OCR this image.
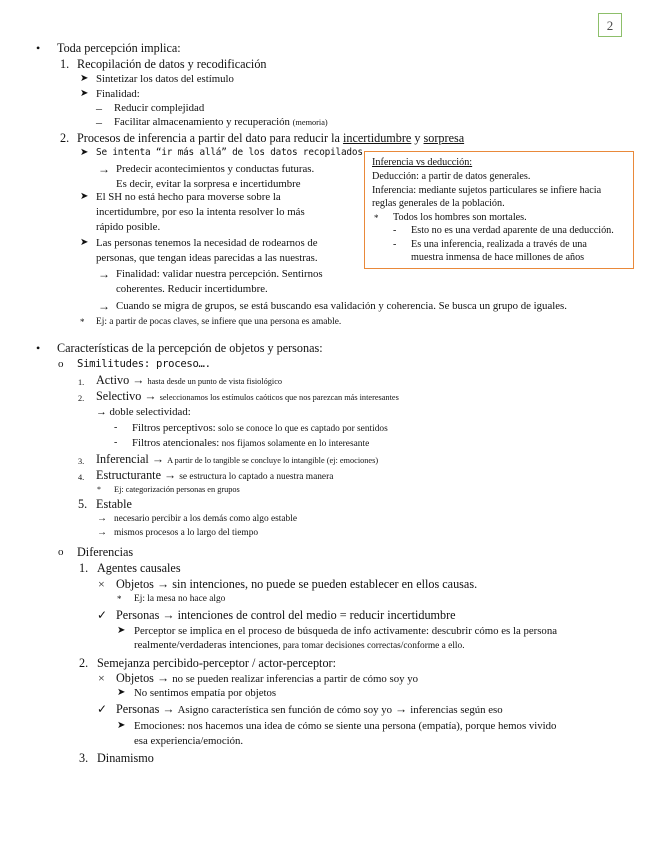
2
• Toda percepción implica:
1. Recopilación de datos y recodificación
➤ Sintetizar los datos del estímulo
➤ Finalidad:
– Reducir complejidad
– Facilitar almacenamiento y recuperación (memoria)
2. Procesos de inferencia a partir del dato para reducir la incertidumbre y sorpresa
➤ Se intenta “ir más allá” de los datos recopilados
→ Predecir acontecimientos y conductas futuras.
Es decir, evitar la sorpresa e incertidumbre
➤ El SH no está hecho para moverse sobre la
incertidumbre, por eso la intenta resolver lo más
rápido posible.
➤ Las personas tenemos la necesidad de rodearnos de
personas, que tengan ideas parecidas a las nuestras.
→ Finalidad: validar nuestra percepción. Sentirnos
coherentes. Reducir incertidumbre.
→ Cuando se migra de grupos, se está buscando esa validación y coherencia. Se busca un grupo de iguales.
* Ej: a partir de pocas claves, se infiere que una persona es amable.
Inferencia vs deducción:
Deducción: a partir de datos generales.
Inferencia: mediante sujetos particulares se infiere hacia
reglas generales de la población.
* Todos los hombres son mortales.
- Esto no es una verdad aparente de una deducción.
- Es una inferencia, realizada a través de una
muestra inmensa de hace millones de años
• Características de la percepción de objetos y personas:
o Similitudes: proceso….
1. Activo → hasta desde un punto de vista fisiológico
2. Selectivo → seleccionamos los estímulos caóticos que nos parezcan más interesantes
→ doble selectividad:
- Filtros perceptivos: solo se conoce lo que es captado por sentidos
- Filtros atencionales: nos fijamos solamente en lo interesante
3. Inferencial → A partir de lo tangible se concluye lo intangible (ej: emociones)
4. Estructurante → se estructura lo captado a nuestra manera
* Ej: categorización personas en grupos
5. Estable
→ necesario percibir a los demás como algo estable
→ mismos procesos a lo largo del tiempo
o Diferencias
1. Agentes causales
× Objetos → sin intenciones, no puede se pueden establecer en ellos causas.
* Ej: la mesa no hace algo
✓ Personas → intenciones de control del medio = reducir incertidumbre
➤ Perceptor se implica en el proceso de búsqueda de info activamente: descubrir cómo es la persona
realmente/verdaderas intenciones, para tomar decisiones correctas/conforme a ello.
2. Semejanza percibido-perceptor / actor-perceptor:
× Objetos → no se pueden realizar inferencias a partir de cómo soy yo
➤ No sentimos empatía por objetos
✓ Personas → Asigno característica sen función de cómo soy yo → inferencias según eso
➤ Emociones: nos hacemos una idea de cómo se siente una persona (empatía), porque hemos vivido
esa experiencia/emoción.
3. Dinamismo
